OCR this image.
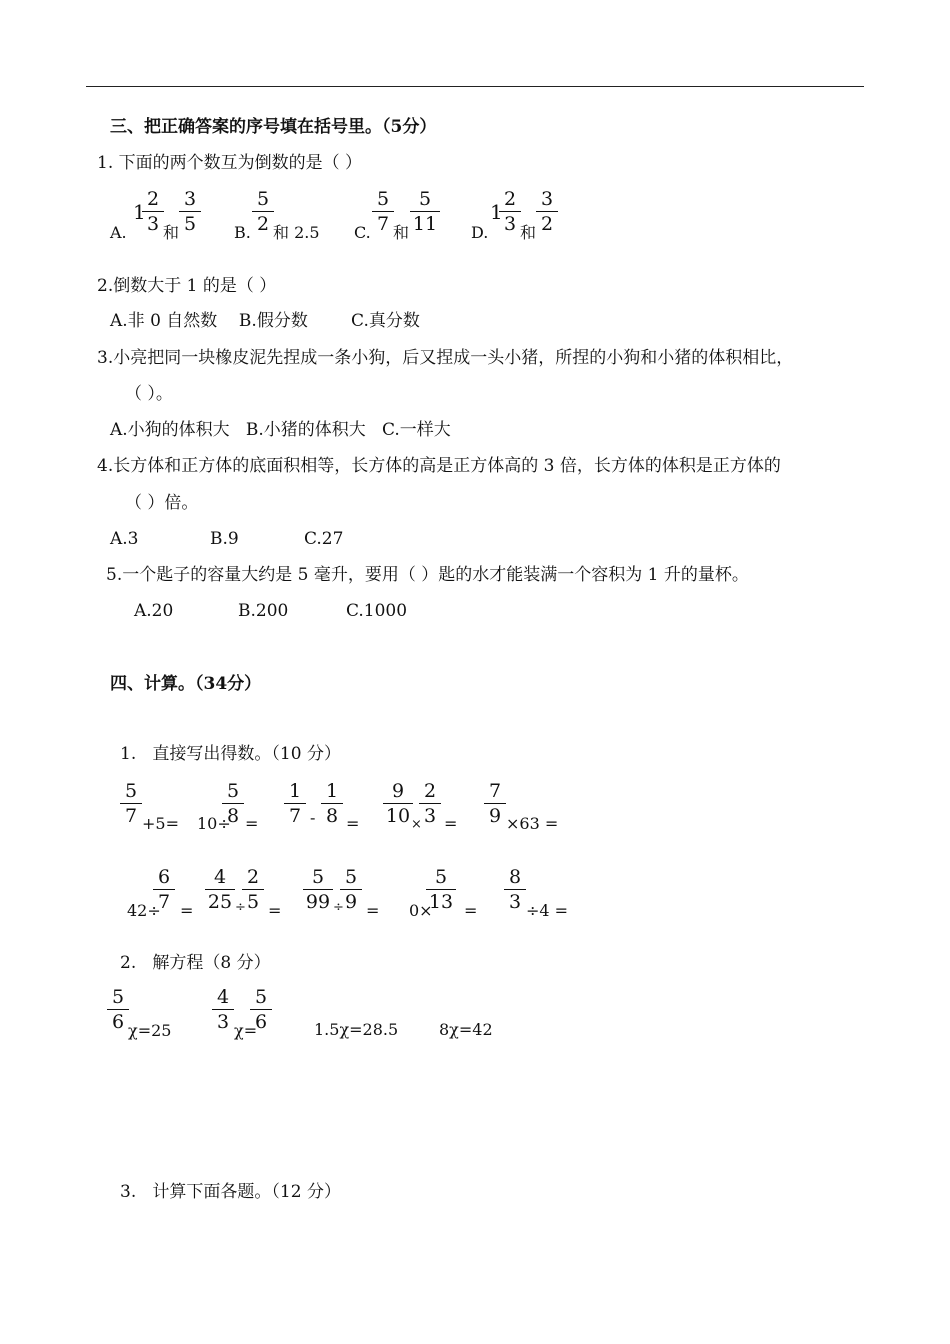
三、把正确答案的序号填在括号里。（5分）
1. 下面的两个数互为倒数的是（ ）
A.
1
2
3 和
3
5	B.
5
2 和 2.5 C.
5
7 和
5
11 D.
1
2
3 和
3
2
2.倒数大于 1 的是（ ）
A.非 0 自然数    B.假分数        C.真分数
3.小亮把同一块橡皮泥先捏成一条小狗，后又捏成一头小猪，所捏的小狗和小猪的体积相比，
（ ）。
A.小狗的体积大   B.小猪的体积大   C.一样大
4.长方体和正方体的底面积相等，长方体的高是正方体高的 3 倍，长方体的体积是正方体的
（ ）倍。
A.3	B.9	C.27
5.一个匙子的容量大约是 5 毫升，要用（ ）匙的水才能装满一个容积为 1 升的量杯。
A.20	B.200	C.1000
四、计算。（34分）
1.   直接写出得数。（10 分）
5
7 +5= 10÷
5
8 =
1
7 -
1
8 =
9
10
2
3
× =
7
9 ×63 =
42÷
6
7 =
4
25 ÷
2
5 =
5
99 ÷
5
9 = 0×
5
13 =
8
3 ÷4 =
2.   解方程（8 分）
5
6 χ=25
4
3 χ=
5
6	1.5χ=28.5	8χ=42
3.   计算下面各题。（12 分）
